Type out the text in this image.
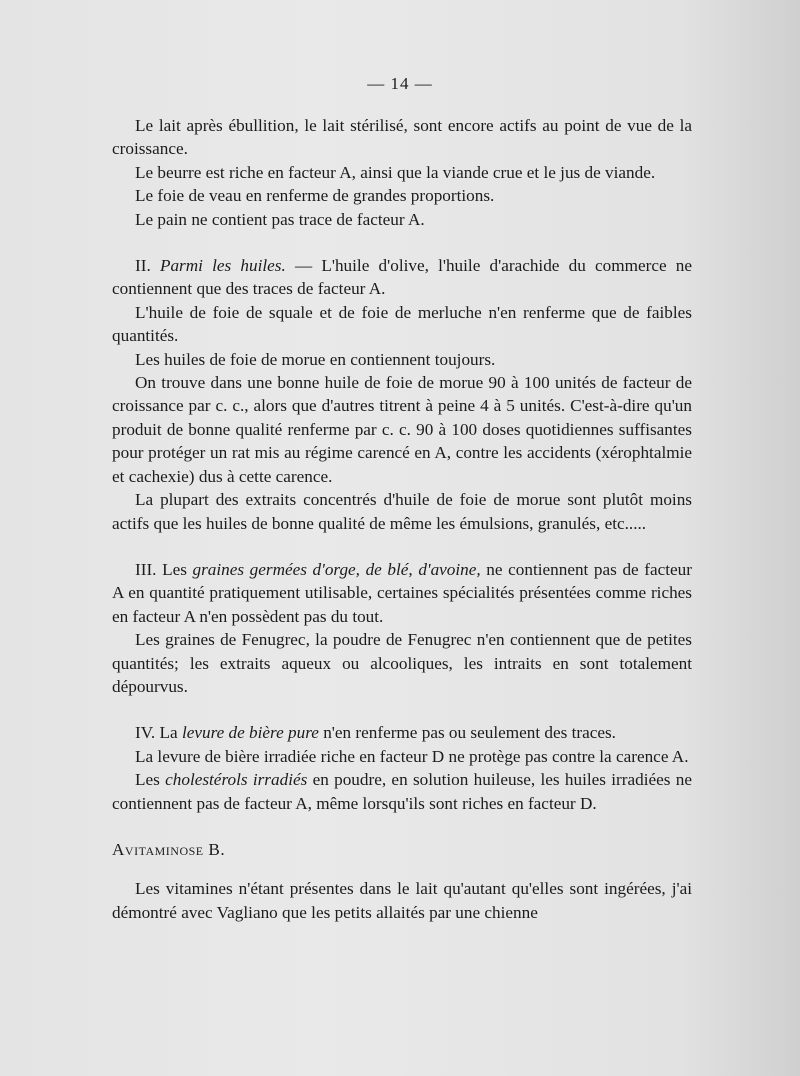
— 14 —

Le lait après ébullition, le lait stérilisé, sont encore actifs au point de vue de la croissance.

Le beurre est riche en facteur A, ainsi que la viande crue et le jus de viande.

Le foie de veau en renferme de grandes proportions.

Le pain ne contient pas trace de facteur A.

II. Parmi les huiles. — L'huile d'olive, l'huile d'arachide du commerce ne contiennent que des traces de facteur A.

L'huile de foie de squale et de foie de merluche n'en renferme que de faibles quantités.

Les huiles de foie de morue en contiennent toujours.

On trouve dans une bonne huile de foie de morue 90 à 100 unités de facteur de croissance par c. c., alors que d'autres titrent à peine 4 à 5 unités. C'est-à-dire qu'un produit de bonne qualité renferme par c. c. 90 à 100 doses quotidiennes suffisantes pour protéger un rat mis au régime carencé en A, contre les accidents (xérophtalmie et cachexie) dus à cette carence.

La plupart des extraits concentrés d'huile de foie de morue sont plutôt moins actifs que les huiles de bonne qualité de même les émulsions, granulés, etc.....

III. Les graines germées d'orge, de blé, d'avoine, ne contiennent pas de facteur A en quantité pratiquement utilisable, certaines spécialités présentées comme riches en facteur A n'en possèdent pas du tout.

Les graines de Fenugrec, la poudre de Fenugrec n'en contiennent que de petites quantités; les extraits aqueux ou alcooliques, les intraits en sont totalement dépourvus.

IV. La levure de bière pure n'en renferme pas ou seulement des traces.

La levure de bière irradiée riche en facteur D ne protège pas contre la carence A.

Les cholestérols irradiés en poudre, en solution huileuse, les huiles irradiées ne contiennent pas de facteur A, même lorsqu'ils sont riches en facteur D.

Avitaminose B.

Les vitamines n'étant présentes dans le lait qu'autant qu'elles sont ingérées, j'ai démontré avec Vagliano que les petits allaités par une chienne
